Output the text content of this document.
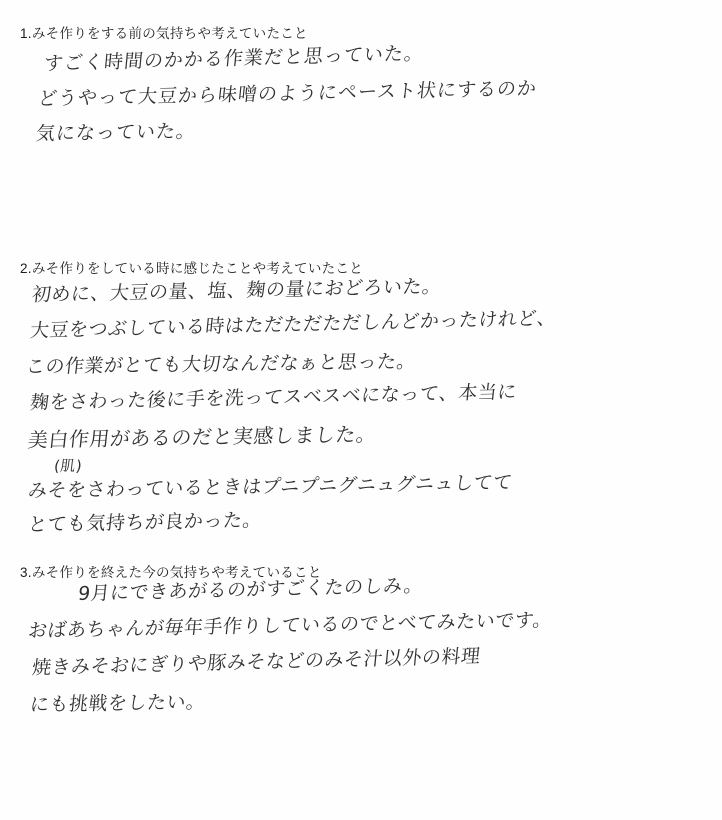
1.みそ作りをする前の気持ちや考えていたこと
すごく時間のかかる作業だと思っていた。
どうやって大豆から味噌のようにペースト状にするのか
気になっていた。
2.みそ作りをしている時に感じたことや考えていたこと
初めに、大豆の量、塩、麹の量におどろいた。
大豆をつぶしている時はただただただしんどかったけれど、
この作業がとても大切なんだなぁと思った。
麹をさわった後に手を洗ってスベスベになって、本当に
美白作用があるのだと実感しました。
(肌)
みそをさわっているときはプニプニグニュグニュしてて
とても気持ちが良かった。
3.みそ作りを終えた今の気持ちや考えていること
9月にできあがるのがすごくたのしみ。
おばあちゃんが毎年手作りしているのでとべてみたいです。
焼きみそおにぎりや豚みそなどのみそ汁以外の料理
にも挑戦をしたい。
